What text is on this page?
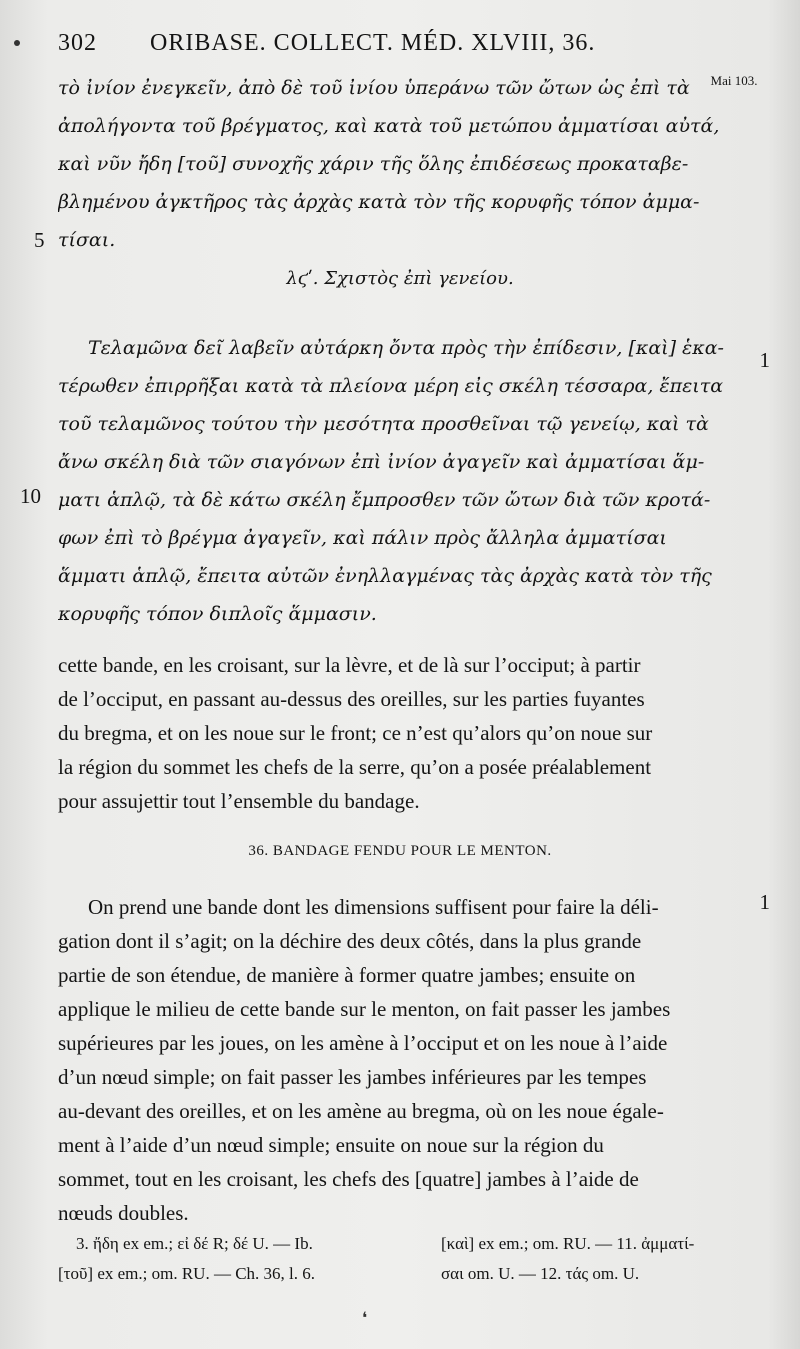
302 ORIBASE. COLLECT. MÉD. XLVIII, 36.
Mai 103.
τὸ ἰνίον ἐνεγκεῖν, ἀπὸ δὲ τοῦ ἰνίου ὑπεράνω τῶν ὤτων ὡς ἐπὶ τὰ
ἀπολήγοντα τοῦ βρέγματος, καὶ κατὰ τοῦ μετώπου ἀμματίσαι αὐτά,
καὶ νῦν ἤδη [τοῦ] συνοχῆς χάριν τῆς ὅλης ἐπιδέσεως προκαταβε-
βλημένου ἀγκτῆρος τὰς ἀρχὰς κατὰ τὸν τῆς κορυφῆς τόπον ἀμμα-
τίσαι.
5
λϛʹ. Σχιστὸς ἐπὶ γενείου.
Τελαμῶνα δεῖ λαβεῖν αὐτάρκη ὄντα πρὸς τὴν ἐπίδεσιν, [καὶ] ἑκα-	1
τέρωθεν ἐπιρρῆξαι κατὰ τὰ πλείονα μέρη εἰς σκέλη τέσσαρα, ἔπειτα
τοῦ τελαμῶνος τούτου τὴν μεσότητα προσθεῖναι τῷ γενείῳ, καὶ τὰ
ἄνω σκέλη διὰ τῶν σιαγόνων ἐπὶ ἰνίον ἀγαγεῖν καὶ ἀμματίσαι ἅμ-
ματι ἁπλῷ, τὰ δὲ κάτω σκέλη ἔμπροσθεν τῶν ὤτων διὰ τῶν κροτά-
10
φων ἐπὶ τὸ βρέγμα ἀγαγεῖν, καὶ πάλιν πρὸς ἄλληλα ἀμματίσαι
ἅμματι ἁπλῷ, ἔπειτα αὐτῶν ἐνηλλαγμένας τὰς ἀρχὰς κατὰ τὸν τῆς
κορυφῆς τόπον διπλοῖς ἅμμασιν.
cette bande, en les croisant, sur la lèvre, et de là sur l’occiput; à partir
de l’occiput, en passant au-dessus des oreilles, sur les parties fuyantes
du bregma, et on les noue sur le front; ce n’est qu’alors qu’on noue sur
la région du sommet les chefs de la serre, qu’on a posée préalablement
pour assujettir tout l’ensemble du bandage.
36. BANDAGE FENDU POUR LE MENTON.
On prend une bande dont les dimensions suffisent pour faire la déli-	1
gation dont il s’agit; on la déchire des deux côtés, dans la plus grande
partie de son étendue, de manière à former quatre jambes; ensuite on
applique le milieu de cette bande sur le menton, on fait passer les jambes
supérieures par les joues, on les amène à l’occiput et on les noue à l’aide
d’un nœud simple; on fait passer les jambes inférieures par les tempes
au-devant des oreilles, et on les amène au bregma, où on les noue égale-
ment à l’aide d’un nœud simple; ensuite on noue sur la région du
sommet, tout en les croisant, les chefs des [quatre] jambes à l’aide de
nœuds doubles.
3. ἤδη ex em.; εἰ δέ R; δέ U. — Ib.	[καὶ] ex em.; om. RU. — 11. ἀμματί-
[τοῦ] ex em.; om. RU. — Ch. 36, l. 6.	σαι om. U. — 12. τάς om. U.
❛
